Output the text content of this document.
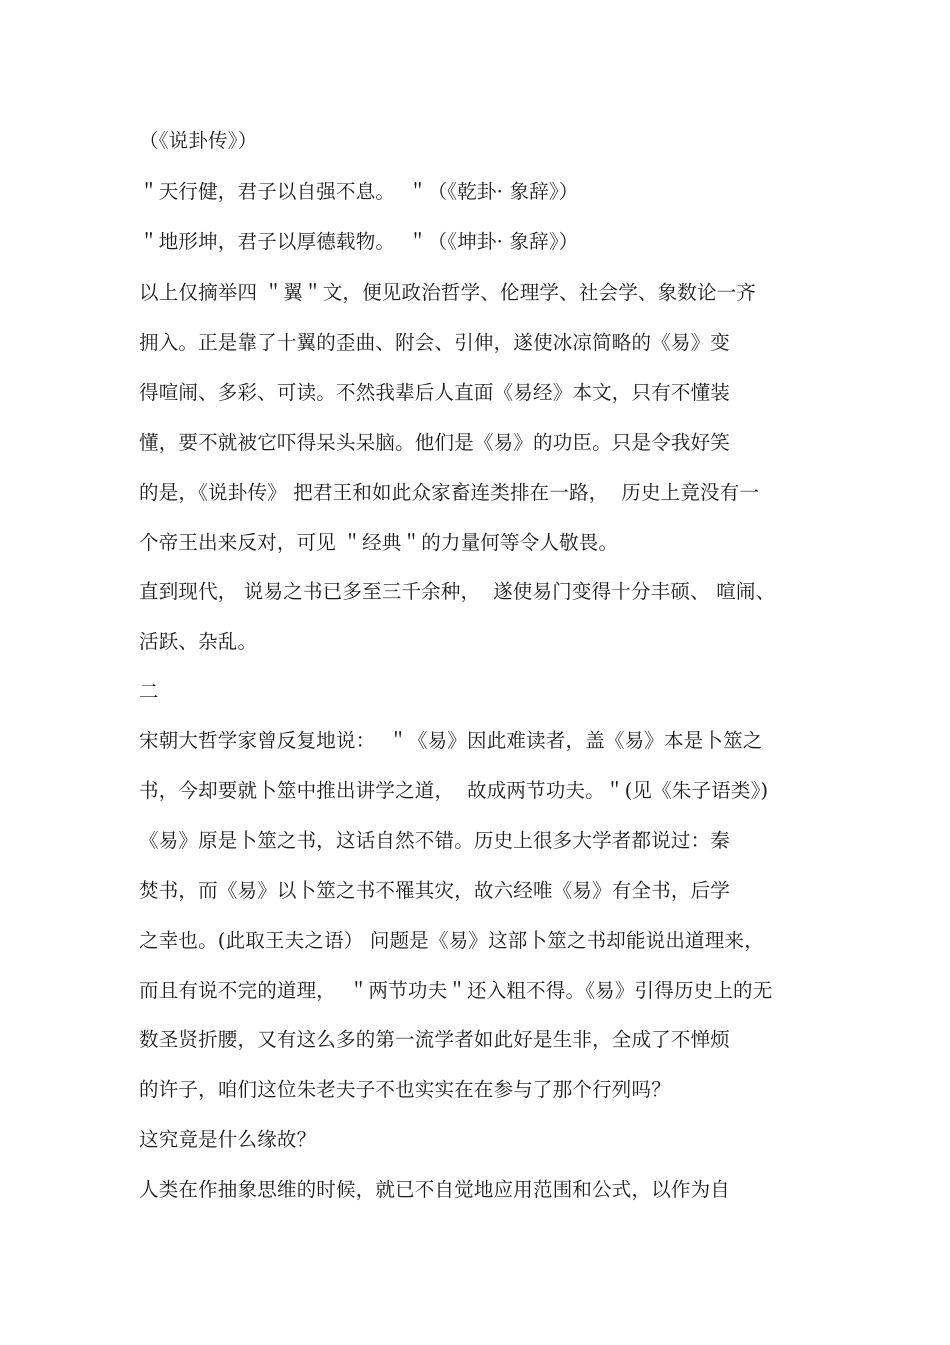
（《说卦传》）
＂天行健，君子以自强不息。  ＂（《乾卦· 象辞》）
＂地形坤，君子以厚德载物。  ＂（《坤卦· 象辞》）
以上仅摘举四 ＂翼＂文，便见政治哲学、伦理学、社会学、象数论一齐
拥入。正是靠了十翼的歪曲、附会、引伸，遂使冰凉简略的《易》变
得喧闹、多彩、可读。不然我辈后人直面《易经》本文，只有不懂装
懂，要不就被它吓得呆头呆脑。他们是《易》的功臣。只是令我好笑
的是，《说卦传》 把君王和如此众家畜连类排在一路，  历史上竟没有一
个帝王出来反对，可见 ＂经典＂的力量何等令人敬畏。
直到现代， 说易之书已多至三千余种，  遂使易门变得十分丰硕、 喧闹、
活跃、杂乱。
二
宋朝大哲学家曾反复地说：  ＂《易》因此难读者，盖《易》本是卜筮之
书，今却要就卜筮中推出讲学之道，  故成两节功夫。＂(见《朱子语类》)
《易》原是卜筮之书，这话自然不错。历史上很多大学者都说过：秦
焚书，而《易》以卜筮之书不罹其灾，故六经唯《易》有全书，后学
之幸也。(此取王夫之语） 问题是《易》这部卜筮之书却能说出道理来，
而且有说不完的道理，  ＂两节功夫＂还入粗不得。《易》引得历史上的无
数圣贤折腰，又有这么多的第一流学者如此好是生非，全成了不惮烦
的许子，咱们这位朱老夫子不也实实在在参与了那个行列吗？
这究竟是什么缘故？
人类在作抽象思维的时候，就已不自觉地应用范围和公式，以作为自
